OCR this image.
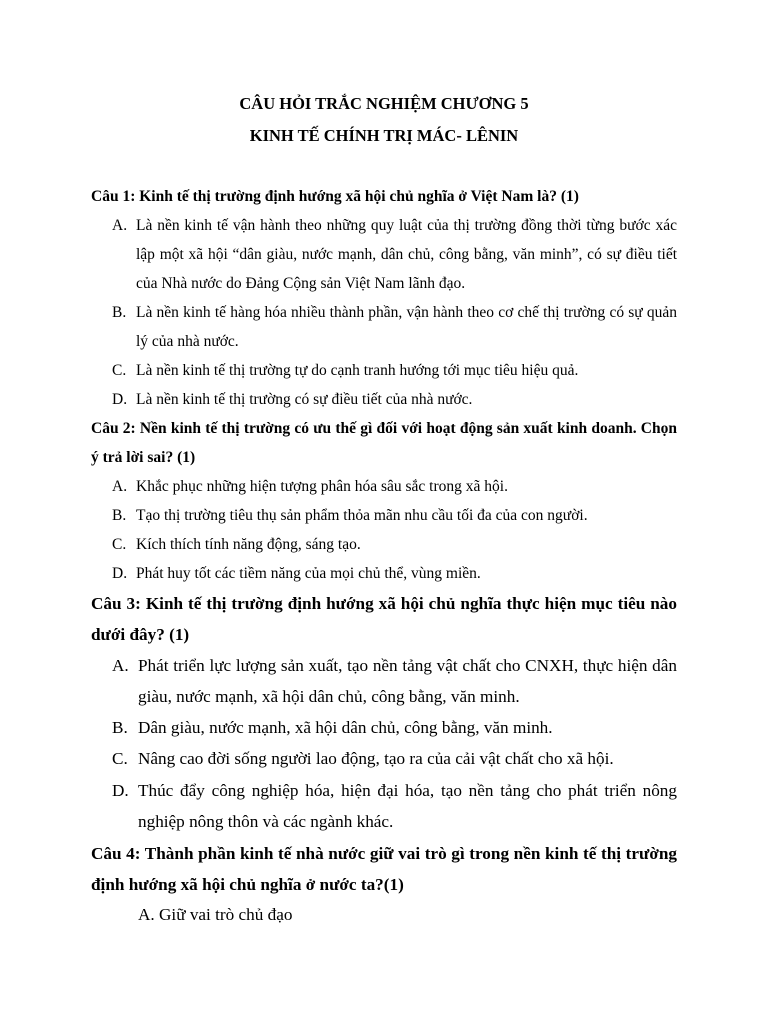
CÂU HỎI TRẮC NGHIỆM CHƯƠNG 5

KINH TẾ CHÍNH TRỊ MÁC- LÊNIN

Câu 1: Kinh tế thị trường định hướng xã hội chủ nghĩa ở Việt Nam là? (1)

A. Là nền kinh tế vận hành theo những quy luật của thị trường đồng thời từng bước xác lập một xã hội “dân giàu, nước mạnh, dân chủ, công bằng, văn minh”, có sự điều tiết của Nhà nước do Đảng Cộng sản Việt Nam lãnh đạo.
B. Là nền kinh tế hàng hóa nhiều thành phần, vận hành theo cơ chế thị trường có sự quản lý của nhà nước.
C. Là nền kinh tế thị trường tự do cạnh tranh hướng tới mục tiêu hiệu quả.
D. Là nền kinh tế thị trường có sự điều tiết của nhà nước.

Câu 2: Nền kinh tế thị trường có ưu thế gì đối với hoạt động sản xuất kinh doanh. Chọn ý trả lời sai? (1)

A. Khắc phục những hiện tượng phân hóa sâu sắc trong xã hội.
B. Tạo thị trường tiêu thụ sản phẩm thỏa mãn nhu cầu tối đa của con người.
C. Kích thích tính năng động, sáng tạo.
D. Phát huy tốt các tiềm năng của mọi chủ thể, vùng miền.

Câu 3: Kinh tế thị trường định hướng xã hội chủ nghĩa thực hiện mục tiêu nào dưới đây? (1)

A. Phát triển lực lượng sản xuất, tạo nền tảng vật chất cho CNXH, thực hiện dân giàu, nước mạnh, xã hội dân chủ, công bằng, văn minh.
B. Dân giàu, nước mạnh, xã hội dân chủ, công bằng, văn minh.
C. Nâng cao đời sống người lao động, tạo ra của cải vật chất cho xã hội.
D. Thúc đẩy công nghiệp hóa, hiện đại hóa, tạo nền tảng cho phát triển nông nghiệp nông thôn và các ngành khác.

Câu 4: Thành phần kinh tế nhà nước giữ vai trò gì trong nền kinh tế thị trường định hướng xã hội chủ nghĩa ở nước ta?(1)

A. Giữ vai trò chủ đạo
